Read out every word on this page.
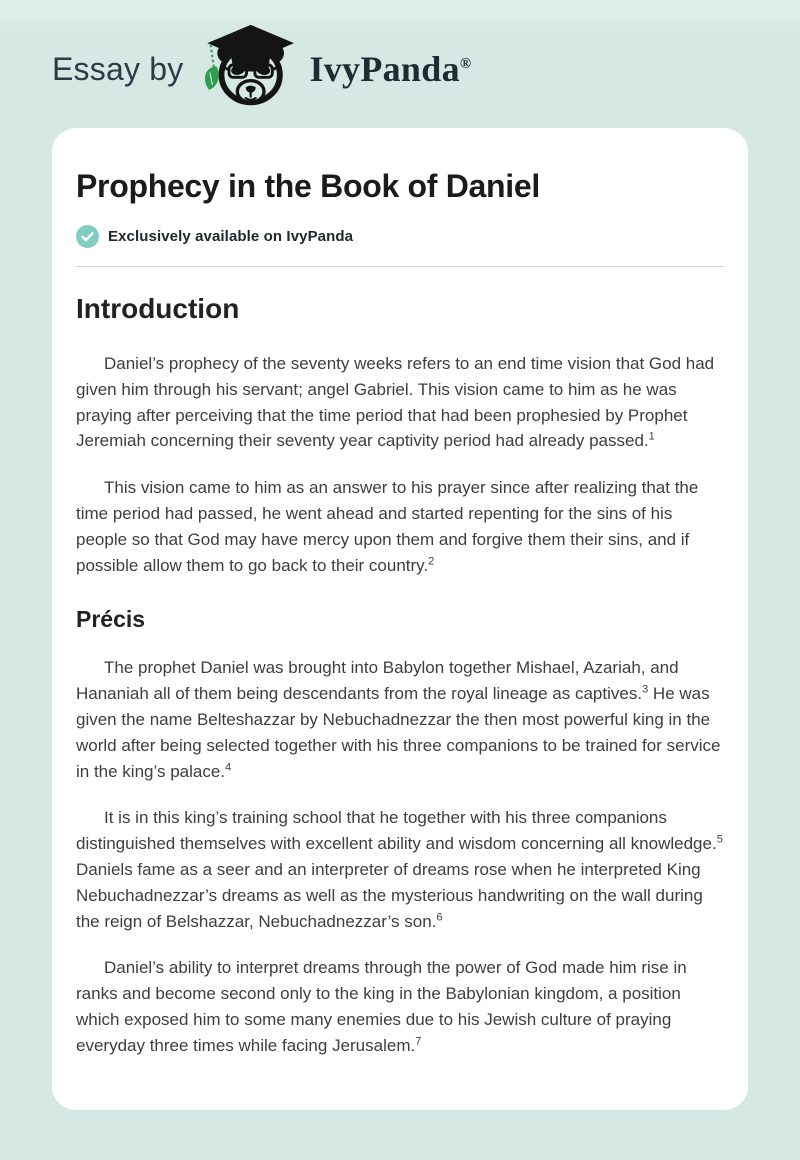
Essay by	IvyPanda®
Prophecy in the Book of Daniel
Exclusively available on IvyPanda
Introduction

Daniel’s prophecy of the seventy weeks refers to an end time vision that God had given him through his servant; angel Gabriel. This vision came to him as he was praying after perceiving that the time period that had been prophesied by Prophet Jeremiah concerning their seventy year captivity period had already passed.$^1$

This vision came to him as an answer to his prayer since after realizing that the time period had passed, he went ahead and started repenting for the sins of his people so that God may have mercy upon them and forgive them their sins, and if possible allow them to go back to their country.$^2$

Précis

The prophet Daniel was brought into Babylon together Mishael, Azariah, and Hananiah all of them being descendants from the royal lineage as captives.$^3$ He was given the name Belteshazzar by Nebuchadnezzar the then most powerful king in the world after being selected together with his three companions to be trained for service in the king’s palace.$^4$

It is in this king’s training school that he together with his three companions distinguished themselves with excellent ability and wisdom concerning all knowledge.$^5$ Daniels fame as a seer and an interpreter of dreams rose when he interpreted King Nebuchadnezzar’s dreams as well as the mysterious handwriting on the wall during the reign of Belshazzar, Nebuchadnezzar’s son.$^6$

Daniel’s ability to interpret dreams through the power of God made him rise in ranks and become second only to the king in the Babylonian kingdom, a position which exposed him to some many enemies due to his Jewish culture of praying everyday three times while facing Jerusalem.$^7$
